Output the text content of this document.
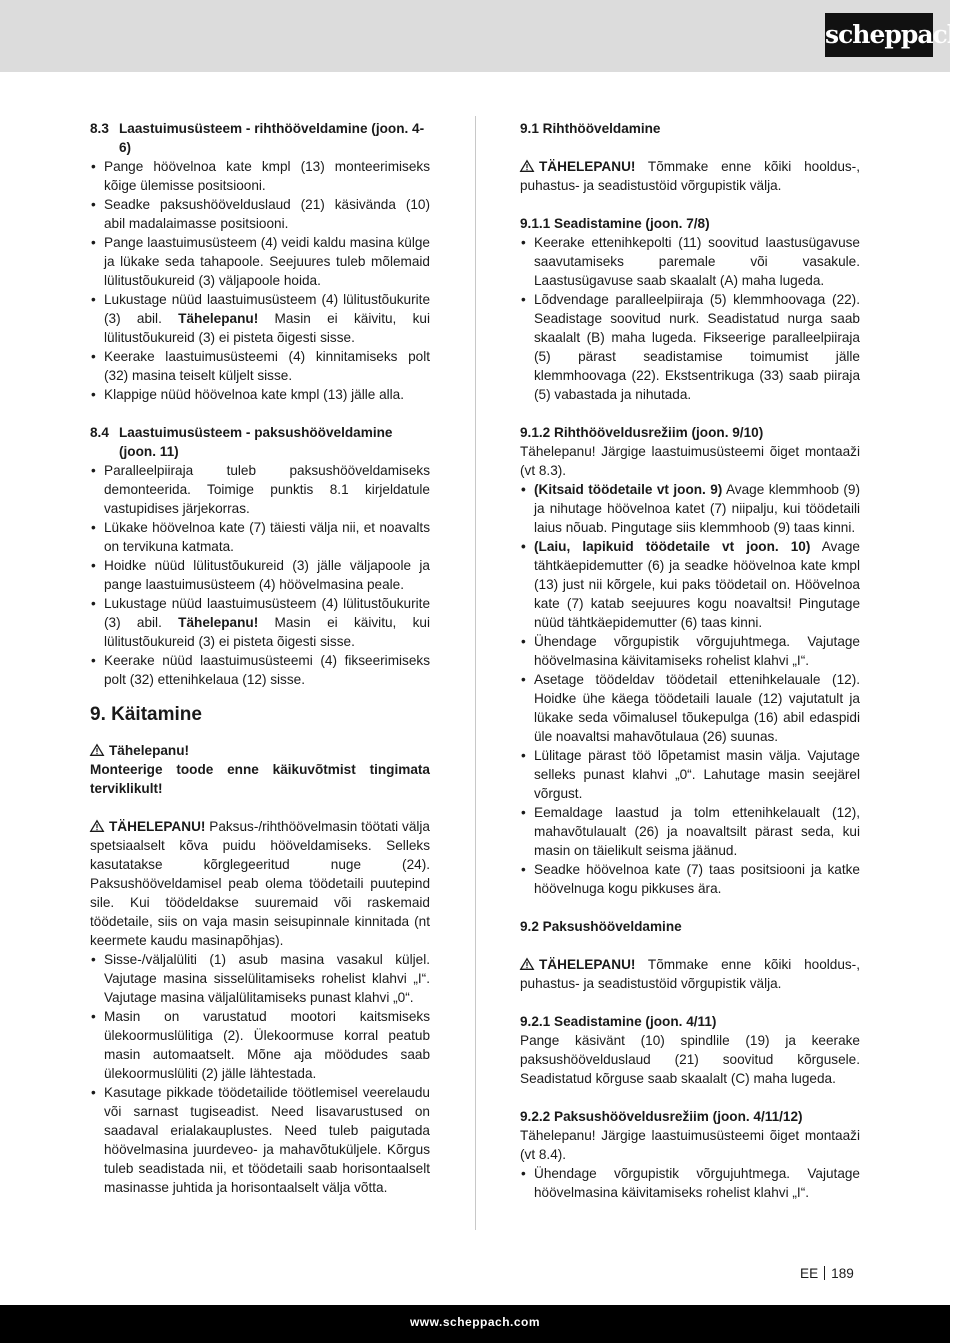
scheppach
8.3 Laastuimusüsteem - rihthööveldamine (joon. 4-6)
• Pange höövelnoa kate kmpl (13) monteerimiseks kõige ülemisse positsiooni.
• Seadke paksushöövelduslaud (21) käsivända (10) abil madalaimasse positsiooni.
• Pange laastuimusüsteem (4) veidi kaldu masina külge ja lükake seda tahapoole. Seejuures tuleb mõlemaid lülitustõukureid (3) väljapoole hoida.
• Lukustage nüüd laastuimusüsteem (4) lülitustõukurite (3) abil. Tähelepanu! Masin ei käivitu, kui lülitustõukureid (3) ei pisteta õigesti sisse.
• Keerake laastuimusüsteemi (4) kinnitamiseks polt (32) masina teiselt küljelt sisse.
• Klappige nüüd höövelnoa kate kmpl (13) jälle alla.
8.4 Laastuimusüsteem - paksushööveldamine (joon. 11)
• Paralleelpiiraja tuleb paksushööveldamiseks demonteerida. Toimige punktis 8.1 kirjeldatule vastupidises järjekorras.
• Lükake höövelnoa kate (7) täiesti välja nii, et noavalts on tervikuna katmata.
• Hoidke nüüd lülitustõukureid (3) jälle väljapoole ja pange laastuimusüsteem (4) höövelmasina peale.
• Lukustage nüüd laastuimusüsteem (4) lülitustõukurite (3) abil. Tähelepanu! Masin ei käivitu, kui lülitustõukureid (3) ei pisteta õigesti sisse.
• Keerake nüüd laastuimusüsteemi (4) fikseerimiseks polt (32) ettenihkelaua (12) sisse.
9. Käitamine
Tähelepanu!

Monteerige toode enne käikuvõtmist tingimata terviklikult!

TÄHELEPANU! Paksus-/rihthöövelmasin töötati välja spetsiaalselt kõva puidu hööveldamiseks. Selleks kasutatakse kõrglegeeritud nuge (24). Paksushööveldamisel peab olema töödetaili puutepind sile. Kui töödeldakse suuremaid või raskemaid töödetaile, siis on vaja masin seisupinnale kinnitada (nt keermete kaudu masinapõhjas).

• Sisse-/väljalüliti (1) asub masina vasakul küljel. Vajutage masina sisselülitamiseks rohelist klahvi „I“. Vajutage masina väljalülitamiseks punast klahvi „0“.
• Masin on varustatud mootori kaitsmiseks ülekoormuslülitiga (2). Ülekoormuse korral peatub masin automaatselt. Mõne aja möödudes saab ülekoormuslüliti (2) jälle lähtestada.
• Kasutage pikkade töödetailide töötlemisel veerelaudu või sarnast tugiseadist. Need lisavarustused on saadaval erialakauplustes. Need tuleb paigutada höövelmasina juurdeveo- ja mahavõtuküljele. Kõrgus tuleb seadistada nii, et töödetaili saab horisontaalselt masinasse juhtida ja horisontaalselt välja võtta.
9.1 Rihthööveldamine

TÄHELEPANU! Tõmmake enne kõiki hooldus-, puhastus- ja seadistustöid võrgupistik välja.

9.1.1 Seadistamine (joon. 7/8)
• Keerake ettenihkepolti (11) soovitud laastusügavuse saavutamiseks paremale või vasakule. Laastusügavuse saab skaalalt (A) maha lugeda.
• Lõdvendage paralleelpiiraja (5) klemmhoovaga (22). Seadistage soovitud nurk. Seadistatud nurga saab skaalalt (B) maha lugeda. Fikseerige paralleelpiiraja (5) pärast seadistamise toimumist jälle klemmhoovaga (22). Ekstsentrikuga (33) saab piiraja (5) vabastada ja nihutada.
9.1.2 Rihthööveldusrežiim (joon. 9/10)

Tähelepanu! Järgige laastuimusüsteemi õiget montaaži (vt 8.3).

• (Kitsaid töödetaile vt joon. 9) Avage klemmhoob (9) ja nihutage höövelnoa katet (7) niipalju, kui töödetaili laius nõuab. Pingutage siis klemmhoob (9) taas kinni.
• (Laiu, lapikuid töödetaile vt joon. 10) Avage tähtkäepidemutter (6) ja seadke höövelnoa kate kmpl (13) just nii kõrgele, kui paks töödetail on. Höövelnoa kate (7) katab seejuures kogu noavaltsi! Pingutage nüüd tähtkäepidemutter (6) taas kinni.
• Ühendage võrgupistik võrgujuhtmega. Vajutage höövelmasina käivitamiseks rohelist klahvi „I“.
• Asetage töödeldav töödetail ettenihkelauale (12). Hoidke ühe käega töödetaili lauale (12) vajutatult ja lükake seda võimalusel tõukepulga (16) abil edaspidi üle noavaltsi mahavõtulaua (26) suunas.
• Lülitage pärast töö lõpetamist masin välja. Vajutage selleks punast klahvi „0“. Lahutage masin seejärel võrgust.
• Eemaldage laastud ja tolm ettenihkelaualt (12), mahavõtulaualt (26) ja noavaltsilt pärast seda, kui masin on täielikult seisma jäänud.
• Seadke höövelnoa kate (7) taas positsiooni ja katke höövelnuga kogu pikkuses ära.
9.2 Paksushööveldamine

TÄHELEPANU! Tõmmake enne kõiki hooldus-, puhastus- ja seadistustöid võrgupistik välja.

9.2.1 Seadistamine (joon. 4/11)

Pange käsivänt (10) spindlile (19) ja keerake paksushöövelduslaud (21) soovitud kõrgusele. Seadistatud kõrguse saab skaalalt (C) maha lugeda.

9.2.2 Paksushööveldusrežiim (joon. 4/11/12)

Tähelepanu! Järgige laastuimusüsteemi õiget montaaži (vt 8.4).

• Ühendage võrgupistik võrgujuhtmega. Vajutage höövelmasina käivitamiseks rohelist klahvi „I“.
EE 189
www.scheppach.com
